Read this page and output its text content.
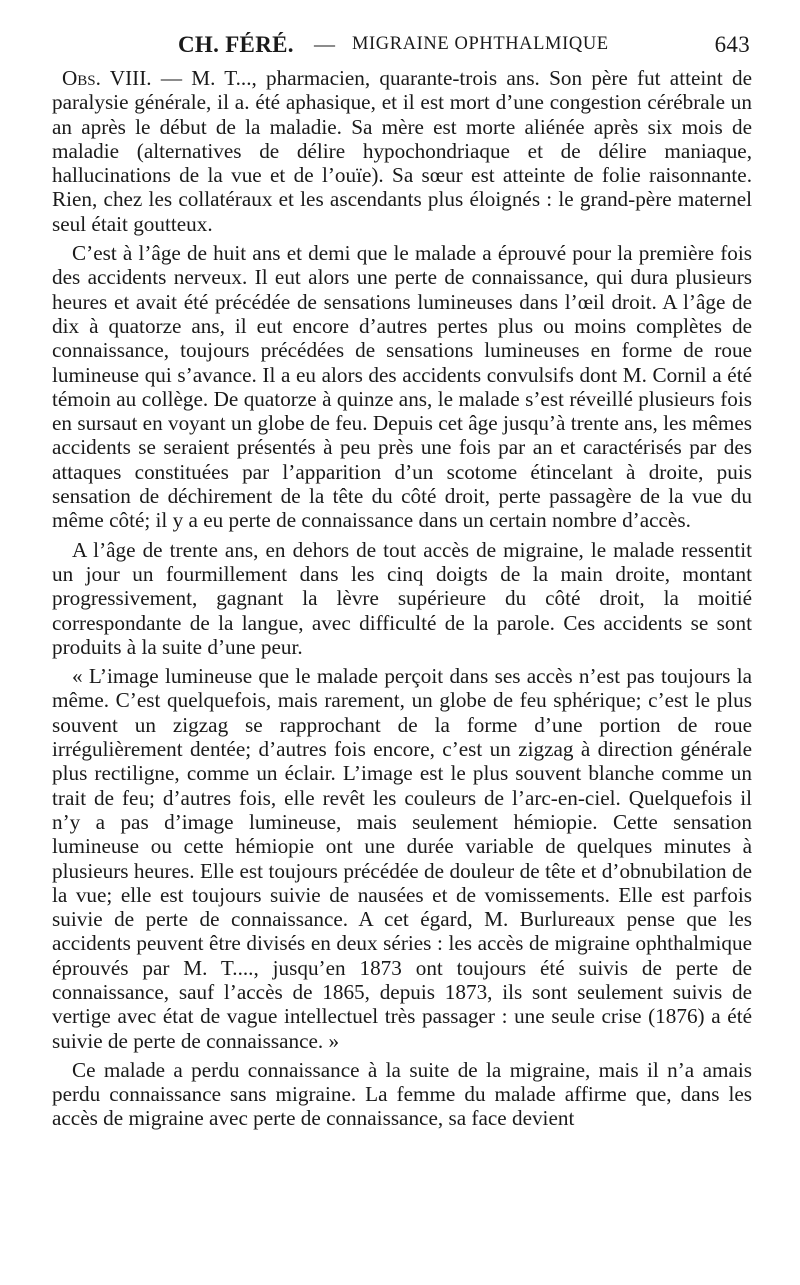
CH. FÉRÉ. — MIGRAINE OPHTHALMIQUE	643

Obs. VIII. — M. T..., pharmacien, quarante-trois ans. Son père fut atteint de paralysie générale, il a. été aphasique, et il est mort d’une congestion cérébrale un an après le début de la maladie. Sa mère est morte aliénée après six mois de maladie (alternatives de délire hypochondriaque et de délire maniaque, hallucinations de la vue et de l’ouïe). Sa sœur est atteinte de folie raisonnante. Rien, chez les collatéraux et les ascendants plus éloignés : le grand-père maternel seul était goutteux.

C’est à l’âge de huit ans et demi que le malade a éprouvé pour la première fois des accidents nerveux. Il eut alors une perte de connaissance, qui dura plusieurs heures et avait été précédée de sensations lumineuses dans l’œil droit. A l’âge de dix à quatorze ans, il eut encore d’autres pertes plus ou moins complètes de connaissance, toujours précédées de sensations lumineuses en forme de roue lumineuse qui s’avance. Il a eu alors des accidents convulsifs dont M. Cornil a été témoin au collège. De quatorze à quinze ans, le malade s’est réveillé plusieurs fois en sursaut en voyant un globe de feu. Depuis cet âge jusqu’à trente ans, les mêmes accidents se seraient présentés à peu près une fois par an et caractérisés par des attaques constituées par l’apparition d’un scotome étincelant à droite, puis sensation de déchirement de la tête du côté droit, perte passagère de la vue du même côté; il y a eu perte de connaissance dans un certain nombre d’accès.

A l’âge de trente ans, en dehors de tout accès de migraine, le malade ressentit un jour un fourmillement dans les cinq doigts de la main droite, montant progressivement, gagnant la lèvre supérieure du côté droit, la moitié correspondante de la langue, avec difficulté de la parole. Ces accidents se sont produits à la suite d’une peur.

« L’image lumineuse que le malade perçoit dans ses accès n’est pas toujours la même. C’est quelquefois, mais rarement, un globe de feu sphérique; c’est le plus souvent un zigzag se rapprochant de la forme d’une portion de roue irrégulièrement dentée; d’autres fois encore, c’est un zigzag à direction générale plus rectiligne, comme un éclair. L’image est le plus souvent blanche comme un trait de feu; d’autres fois, elle revêt les couleurs de l’arc-en-ciel. Quelquefois il n’y a pas d’image lumineuse, mais seulement hémiopie. Cette sensation lumineuse ou cette hémiopie ont une durée variable de quelques minutes à plusieurs heures. Elle est toujours précédée de douleur de tête et d’obnubilation de la vue; elle est toujours suivie de nausées et de vomissements. Elle est parfois suivie de perte de connaissance. A cet égard, M. Burlureaux pense que les accidents peuvent être divisés en deux séries : les accès de migraine ophthalmique éprouvés par M. T...., jusqu’en 1873 ont toujours été suivis de perte de connaissance, sauf l’accès de 1865, depuis 1873, ils sont seulement suivis de vertige avec état de vague intellectuel très passager : une seule crise (1876) a été suivie de perte de connaissance. »

Ce malade a perdu connaissance à la suite de la migraine, mais il n’a amais perdu connaissance sans migraine. La femme du malade affirme que, dans les accès de migraine avec perte de connaissance, sa face devient
